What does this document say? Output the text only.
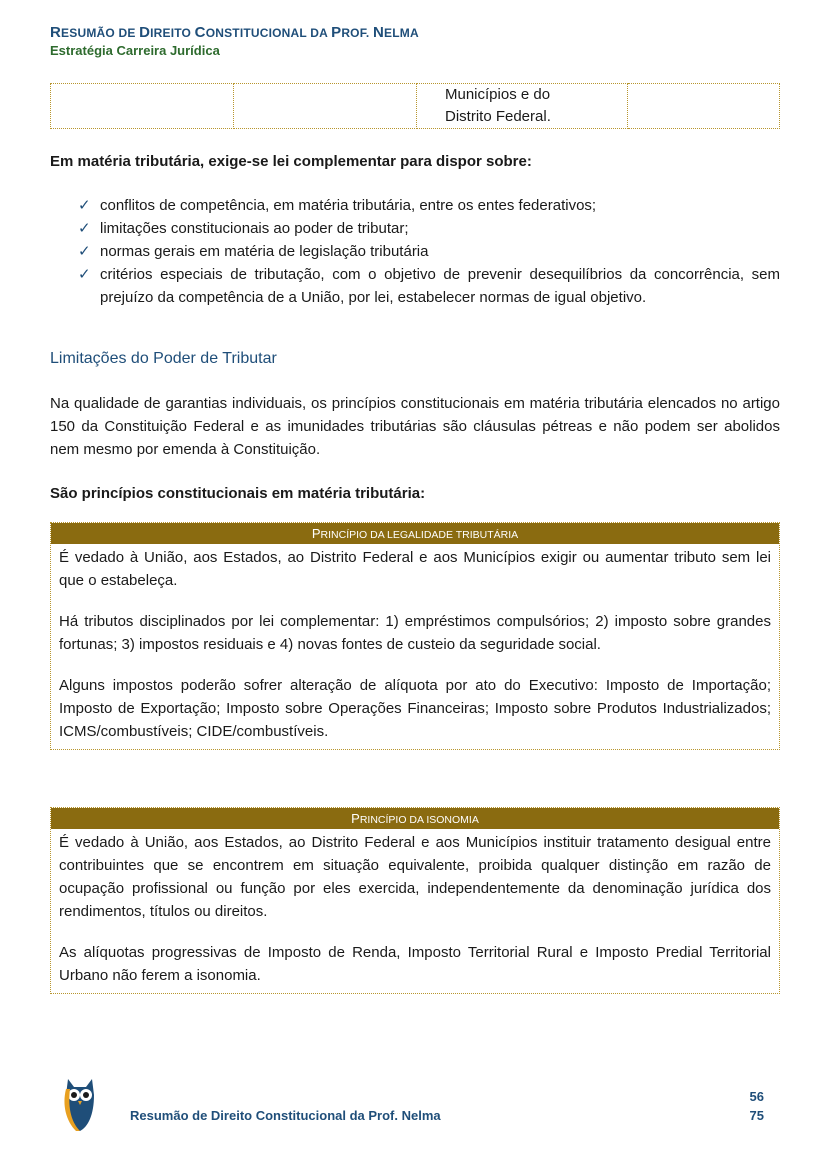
RESUMÃO DE DIREITO CONSTITUCIONAL DA PROF. NELMA
Estratégia Carreira Jurídica

Municípios e do
Distrito Federal.

Em matéria tributária, exige-se lei complementar para dispor sobre:
✓ conflitos de competência, em matéria tributária, entre os entes federativos;
✓ limitações constitucionais ao poder de tributar;
✓ normas gerais em matéria de legislação tributária
✓ critérios especiais de tributação, com o objetivo de prevenir desequilíbrios da concorrência, sem prejuízo da competência de a União, por lei, estabelecer normas de igual objetivo.
Limitações do Poder de Tributar
Na qualidade de garantias individuais, os princípios constitucionais em matéria tributária elencados no artigo 150 da Constituição Federal e as imunidades tributárias são cláusulas pétreas e não podem ser abolidos nem mesmo por emenda à Constituição.
São princípios constitucionais em matéria tributária:
PRINCÍPIO DA LEGALIDADE TRIBUTÁRIA

É vedado à União, aos Estados, ao Distrito Federal e aos Municípios exigir ou aumentar tributo sem lei que o estabeleça.

Há tributos disciplinados por lei complementar: 1) empréstimos compulsórios; 2) imposto sobre grandes fortunas; 3) impostos residuais e 4) novas fontes de custeio da seguridade social.

Alguns impostos poderão sofrer alteração de alíquota por ato do Executivo: Imposto de Importação; Imposto de Exportação; Imposto sobre Operações Financeiras; Imposto sobre Produtos Industrializados; ICMS/combustíveis; CIDE/combustíveis.

PRINCÍPIO DA ISONOMIA

É vedado à União, aos Estados, ao Distrito Federal e aos Municípios instituir tratamento desigual entre contribuintes que se encontrem em situação equivalente, proibida qualquer distinção em razão de ocupação profissional ou função por eles exercida, independentemente da denominação jurídica dos rendimentos, títulos ou direitos.

As alíquotas progressivas de Imposto de Renda, Imposto Territorial Rural e Imposto Predial Territorial Urbano não ferem a isonomia.

Resumão de Direito Constitucional da Prof. Nelma
56
75
